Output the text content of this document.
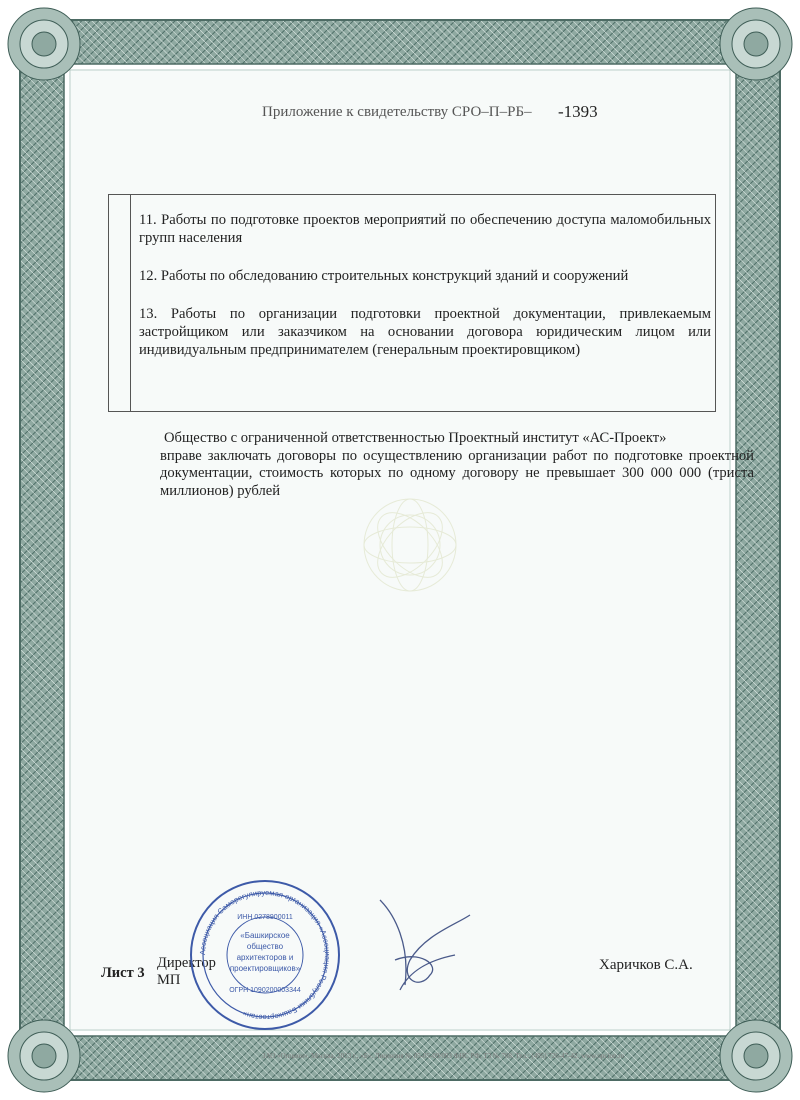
Приложение к свидетельству СРО–П–РБ– -1393

11. Работы по подготовке проектов мероприятий по обеспечению доступа маломобильных групп населения

12. Работы по обследованию строительных конструкций зданий и сооружений

13. Работы по организации подготовки проектной документации, привлекаемым застройщиком или заказчиком на основании договора юридическим лицом или индивидуальным предпринимателем (генеральным проектировщиком)

Общество с ограниченной ответственностью Проектный институт «АС-Проект»
вправе заключать договоры по осуществлению организации работ по подготовке проектной документации, стоимость которых по одному договору не превышает 300 000 000 (триста миллионов) рублей
Лист 3
Директор
МП
Харичков С.А.
Ассоциация Саморегулируемая организация «Ассоциация Республики Башкортостан»
ИНН 0278900011
«Башкирское
общество
архитекторов и
проектировщиков»
ОГРН 1090200003344
ЗАО «Опцион», Москва, 2013 г., «Б», Лицензия № 05-05-09/003 ФНС РФ, ТЗ № 788. Тел.: (495) 726-47-42. www.opcion.ru
